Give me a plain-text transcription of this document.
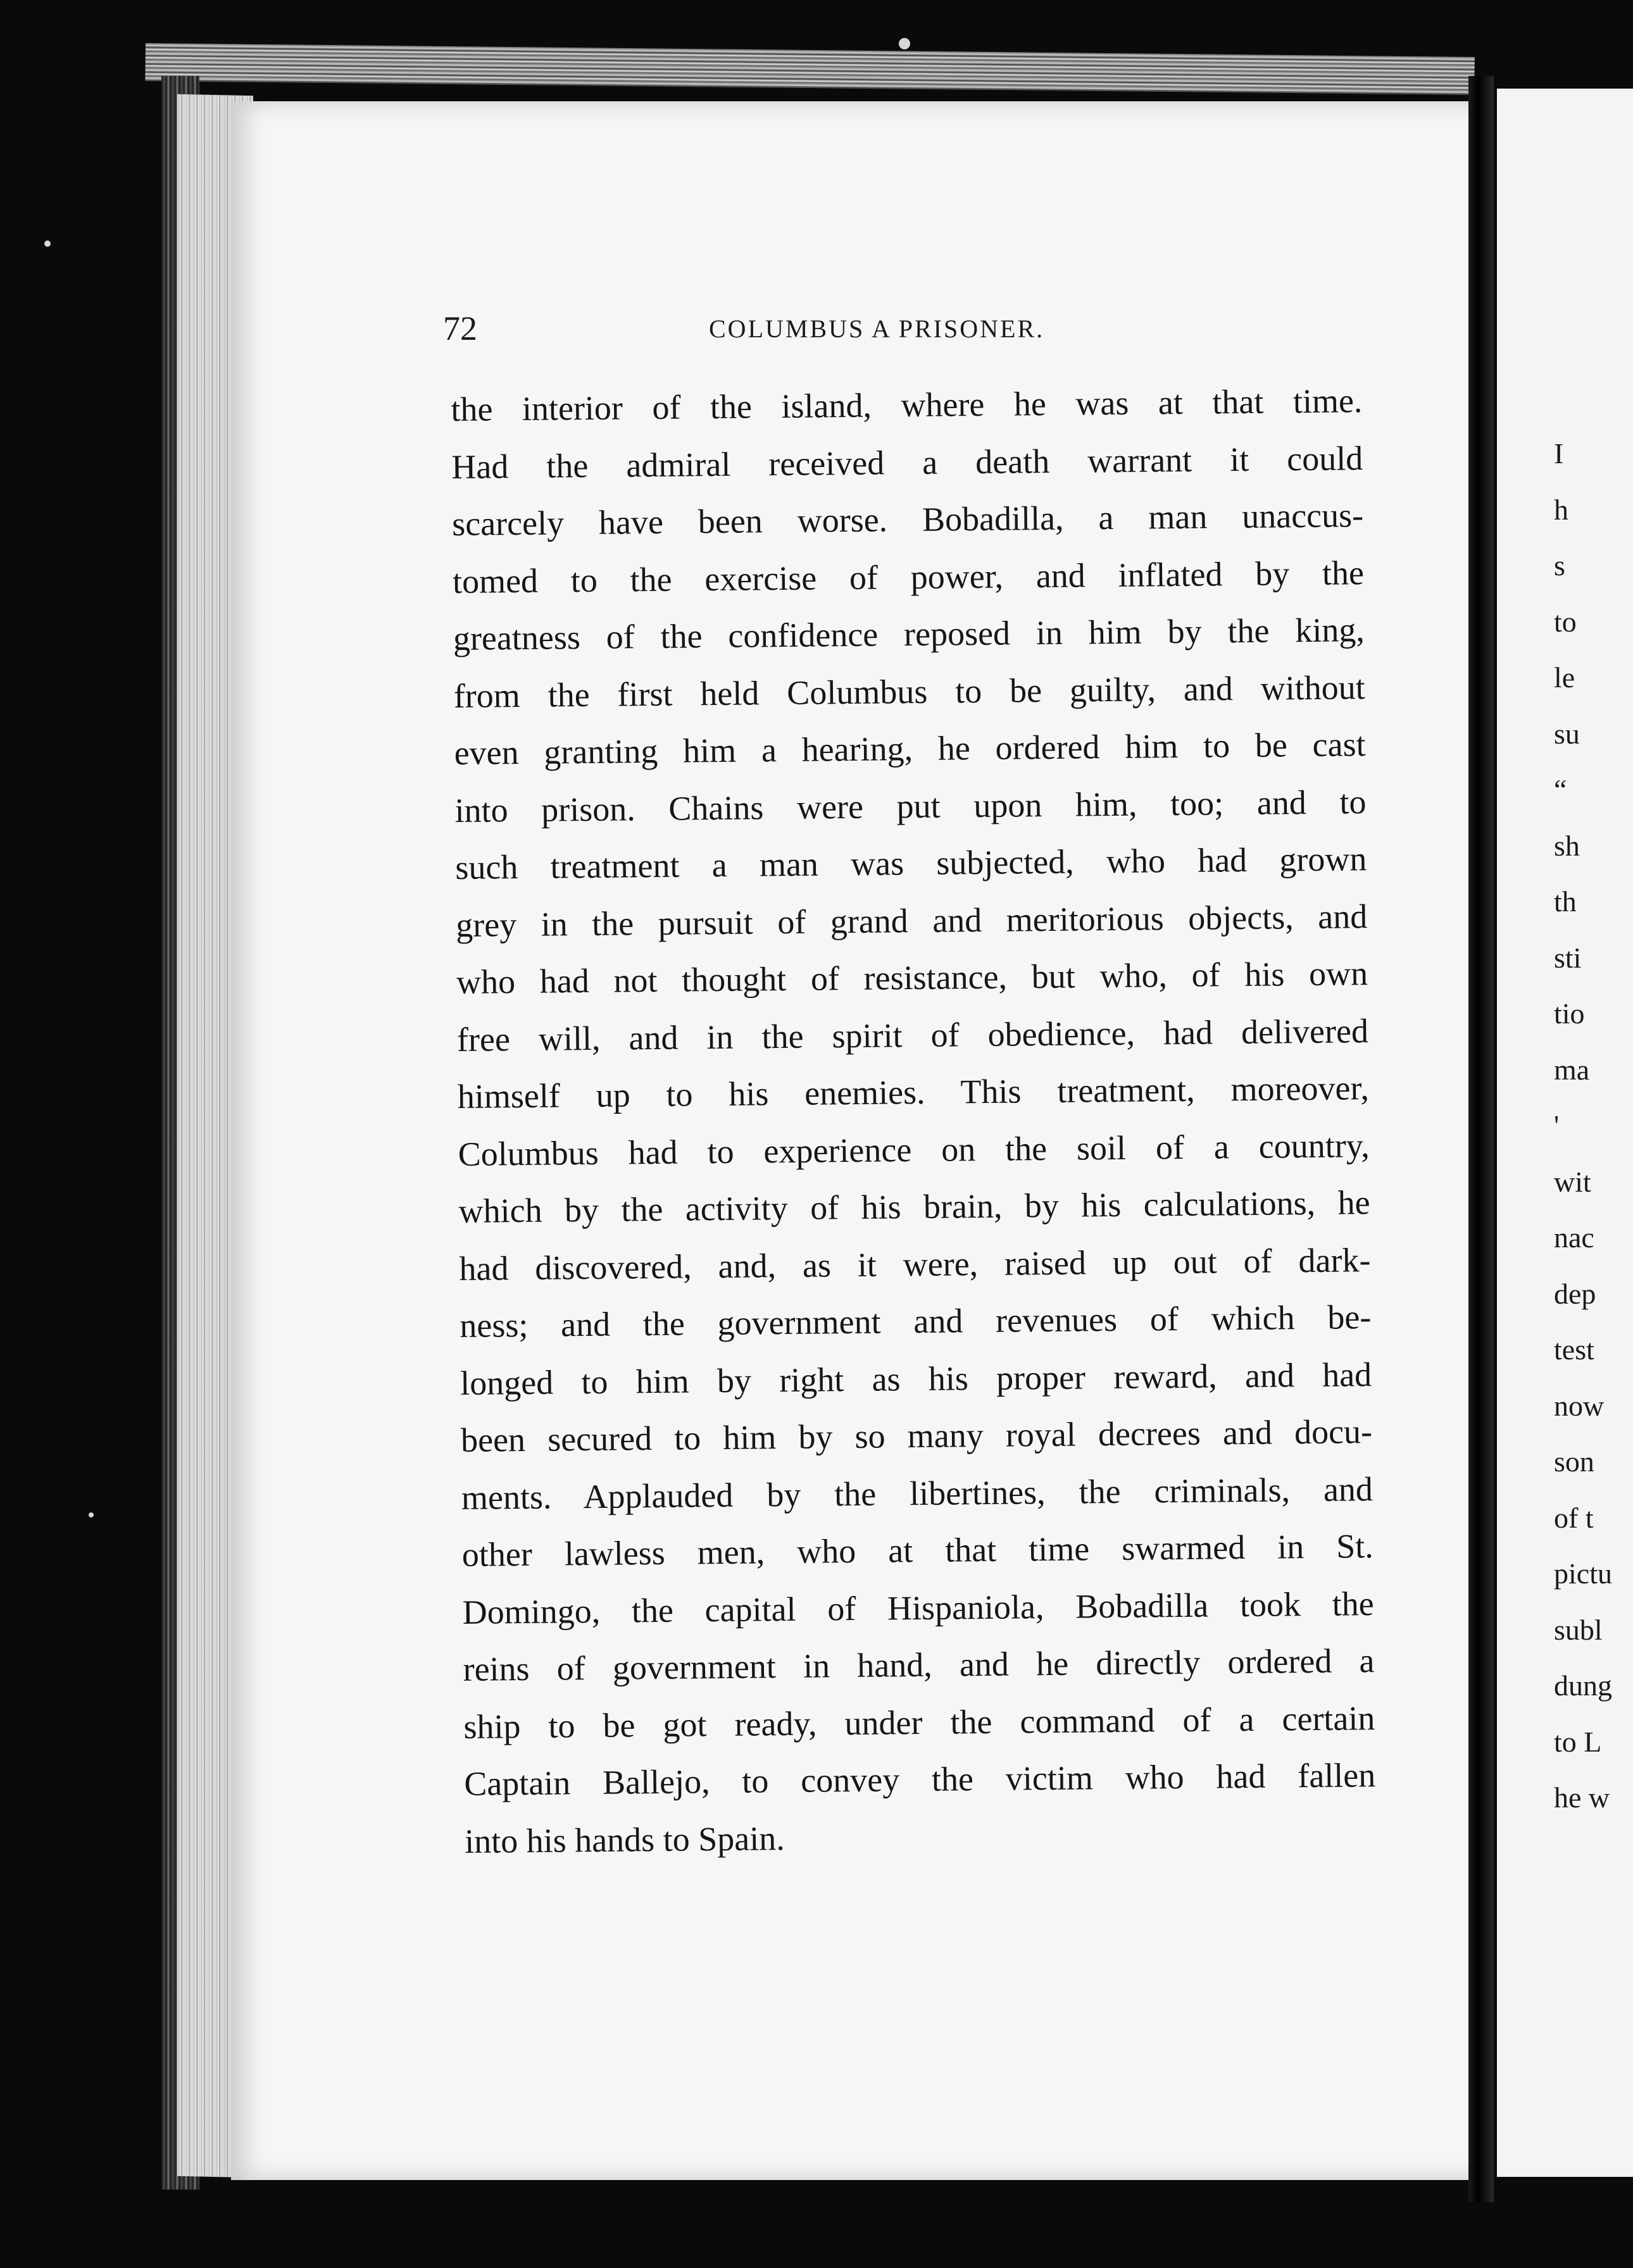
72	COLUMBUS A PRISONER.
the interior of the island, where he was at that time.
Had the admiral received a death warrant it could
scarcely have been worse. Bobadilla, a man unaccus-
tomed to the exercise of power, and inflated by the
greatness of the confidence reposed in him by the king,
from the first held Columbus to be guilty, and without
even granting him a hearing, he ordered him to be cast
into prison. Chains were put upon him, too; and to
such treatment a man was subjected, who had grown
grey in the pursuit of grand and meritorious objects, and
who had not thought of resistance, but who, of his own
free will, and in the spirit of obedience, had delivered
himself up to his enemies. This treatment, moreover,
Columbus had to experience on the soil of a country,
which by the activity of his brain, by his calculations, he
had discovered, and, as it were, raised up out of dark-
ness; and the government and revenues of which be-
longed to him by right as his proper reward, and had
been secured to him by so many royal decrees and docu-
ments. Applauded by the libertines, the criminals, and
other lawless men, who at that time swarmed in St.
Domingo, the capital of Hispaniola, Bobadilla took the
reins of government in hand, and he directly ordered a
ship to be got ready, under the command of a certain
Captain Ballejo, to convey the victim who had fallen
into his hands to Spain.
I
h
s
to
le
su
“
sh
th
sti
tio
ma
'
wit
nac
dep
test
now
son
of t
pictu
subl
dung
to L
he w
